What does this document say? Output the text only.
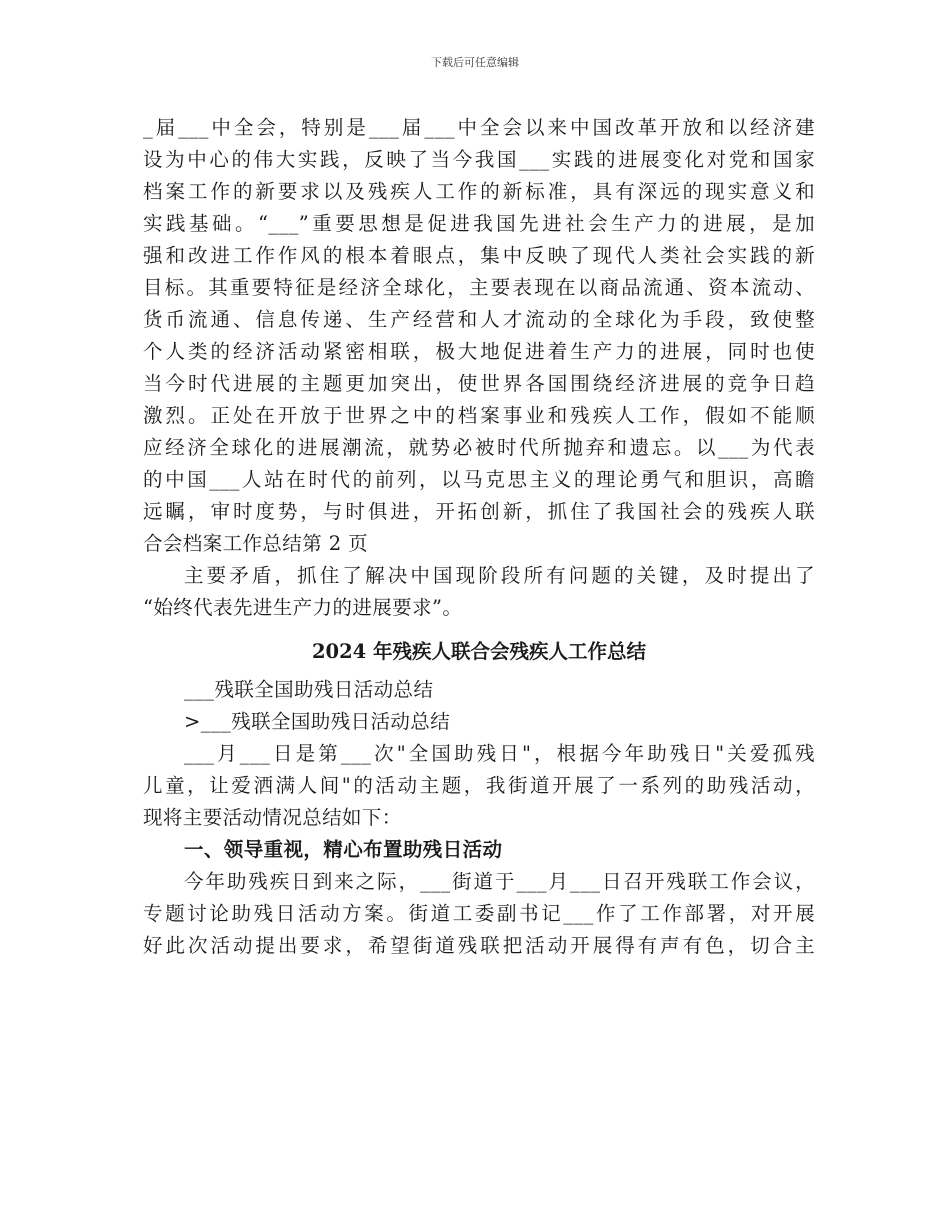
下载后可任意编辑
_届___中全会，特别是___届___中全会以来中国改革开放和以经济建
设为中心的伟大实践，反映了当今我国___实践的进展变化对党和国家
档案工作的新要求以及残疾人工作的新标准，具有深远的现实意义和
实践基础。“___”重要思想是促进我国先进社会生产力的进展，是加
强和改进工作作风的根本着眼点，集中反映了现代人类社会实践的新
目标。其重要特征是经济全球化，主要表现在以商品流通、资本流动、
货币流通、信息传递、生产经营和人才流动的全球化为手段，致使整
个人类的经济活动紧密相联，极大地促进着生产力的进展，同时也使
当今时代进展的主题更加突出，使世界各国围绕经济进展的竞争日趋
激烈。正处在开放于世界之中的档案事业和残疾人工作，假如不能顺
应经济全球化的进展潮流，就势必被时代所抛弃和遗忘。以___为代表
的中国___人站在时代的前列，以马克思主义的理论勇气和胆识，高瞻
远瞩，审时度势，与时俱进，开拓创新，抓住了我国社会的残疾人联
合会档案工作总结第 2 页
主要矛盾，抓住了解决中国现阶段所有问题的关键，及时提出了
“始终代表先进生产力的进展要求”。
2024 年残疾人联合会残疾人工作总结
___残联全国助残日活动总结
>___残联全国助残日活动总结
___月___日是第___次"全国助残日"，根据今年助残日"关爱孤残
儿童，让爱洒满人间"的活动主题，我街道开展了一系列的助残活动，
现将主要活动情况总结如下：
一、领导重视，精心布置助残日活动
今年助残疾日到来之际，___街道于___月___日召开残联工作会议，
专题讨论助残日活动方案。街道工委副书记___作了工作部署，对开展
好此次活动提出要求，希望街道残联把活动开展得有声有色，切合主
